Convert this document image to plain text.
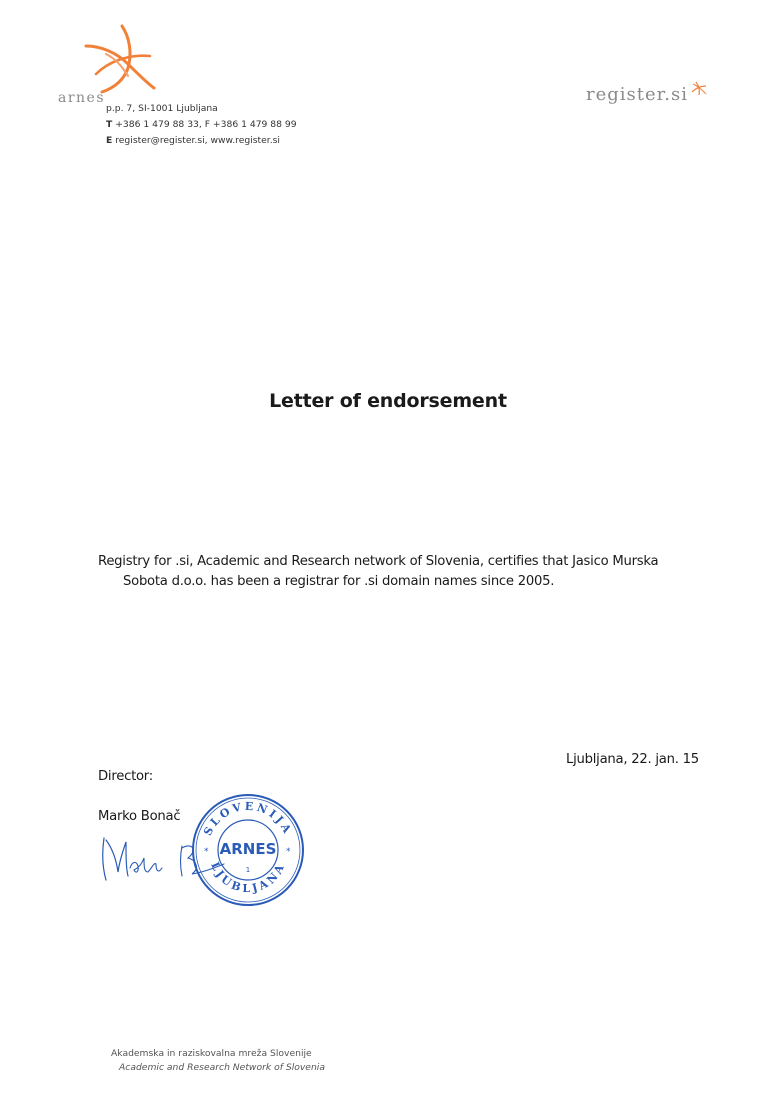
arnes
p.p. 7, SI-1001 Ljubljana
T +386 1 479 88 33, F +386 1 479 88 99
E register@register.si, www.register.si
register.si
Letter of endorsement
Registry for .si, Academic and Research network of Slovenia, certifies that Jasico Murska
Sobota d.o.o. has been a registrar for .si domain names since 2005.
Ljubljana, 22. jan. 15
Director:
Marko Bonač
SLOVENIJA
LJUBLJANA
*	*
ARNES
1
Akademska in raziskovalna mreža Slovenije
Academic and Research Network of Slovenia
